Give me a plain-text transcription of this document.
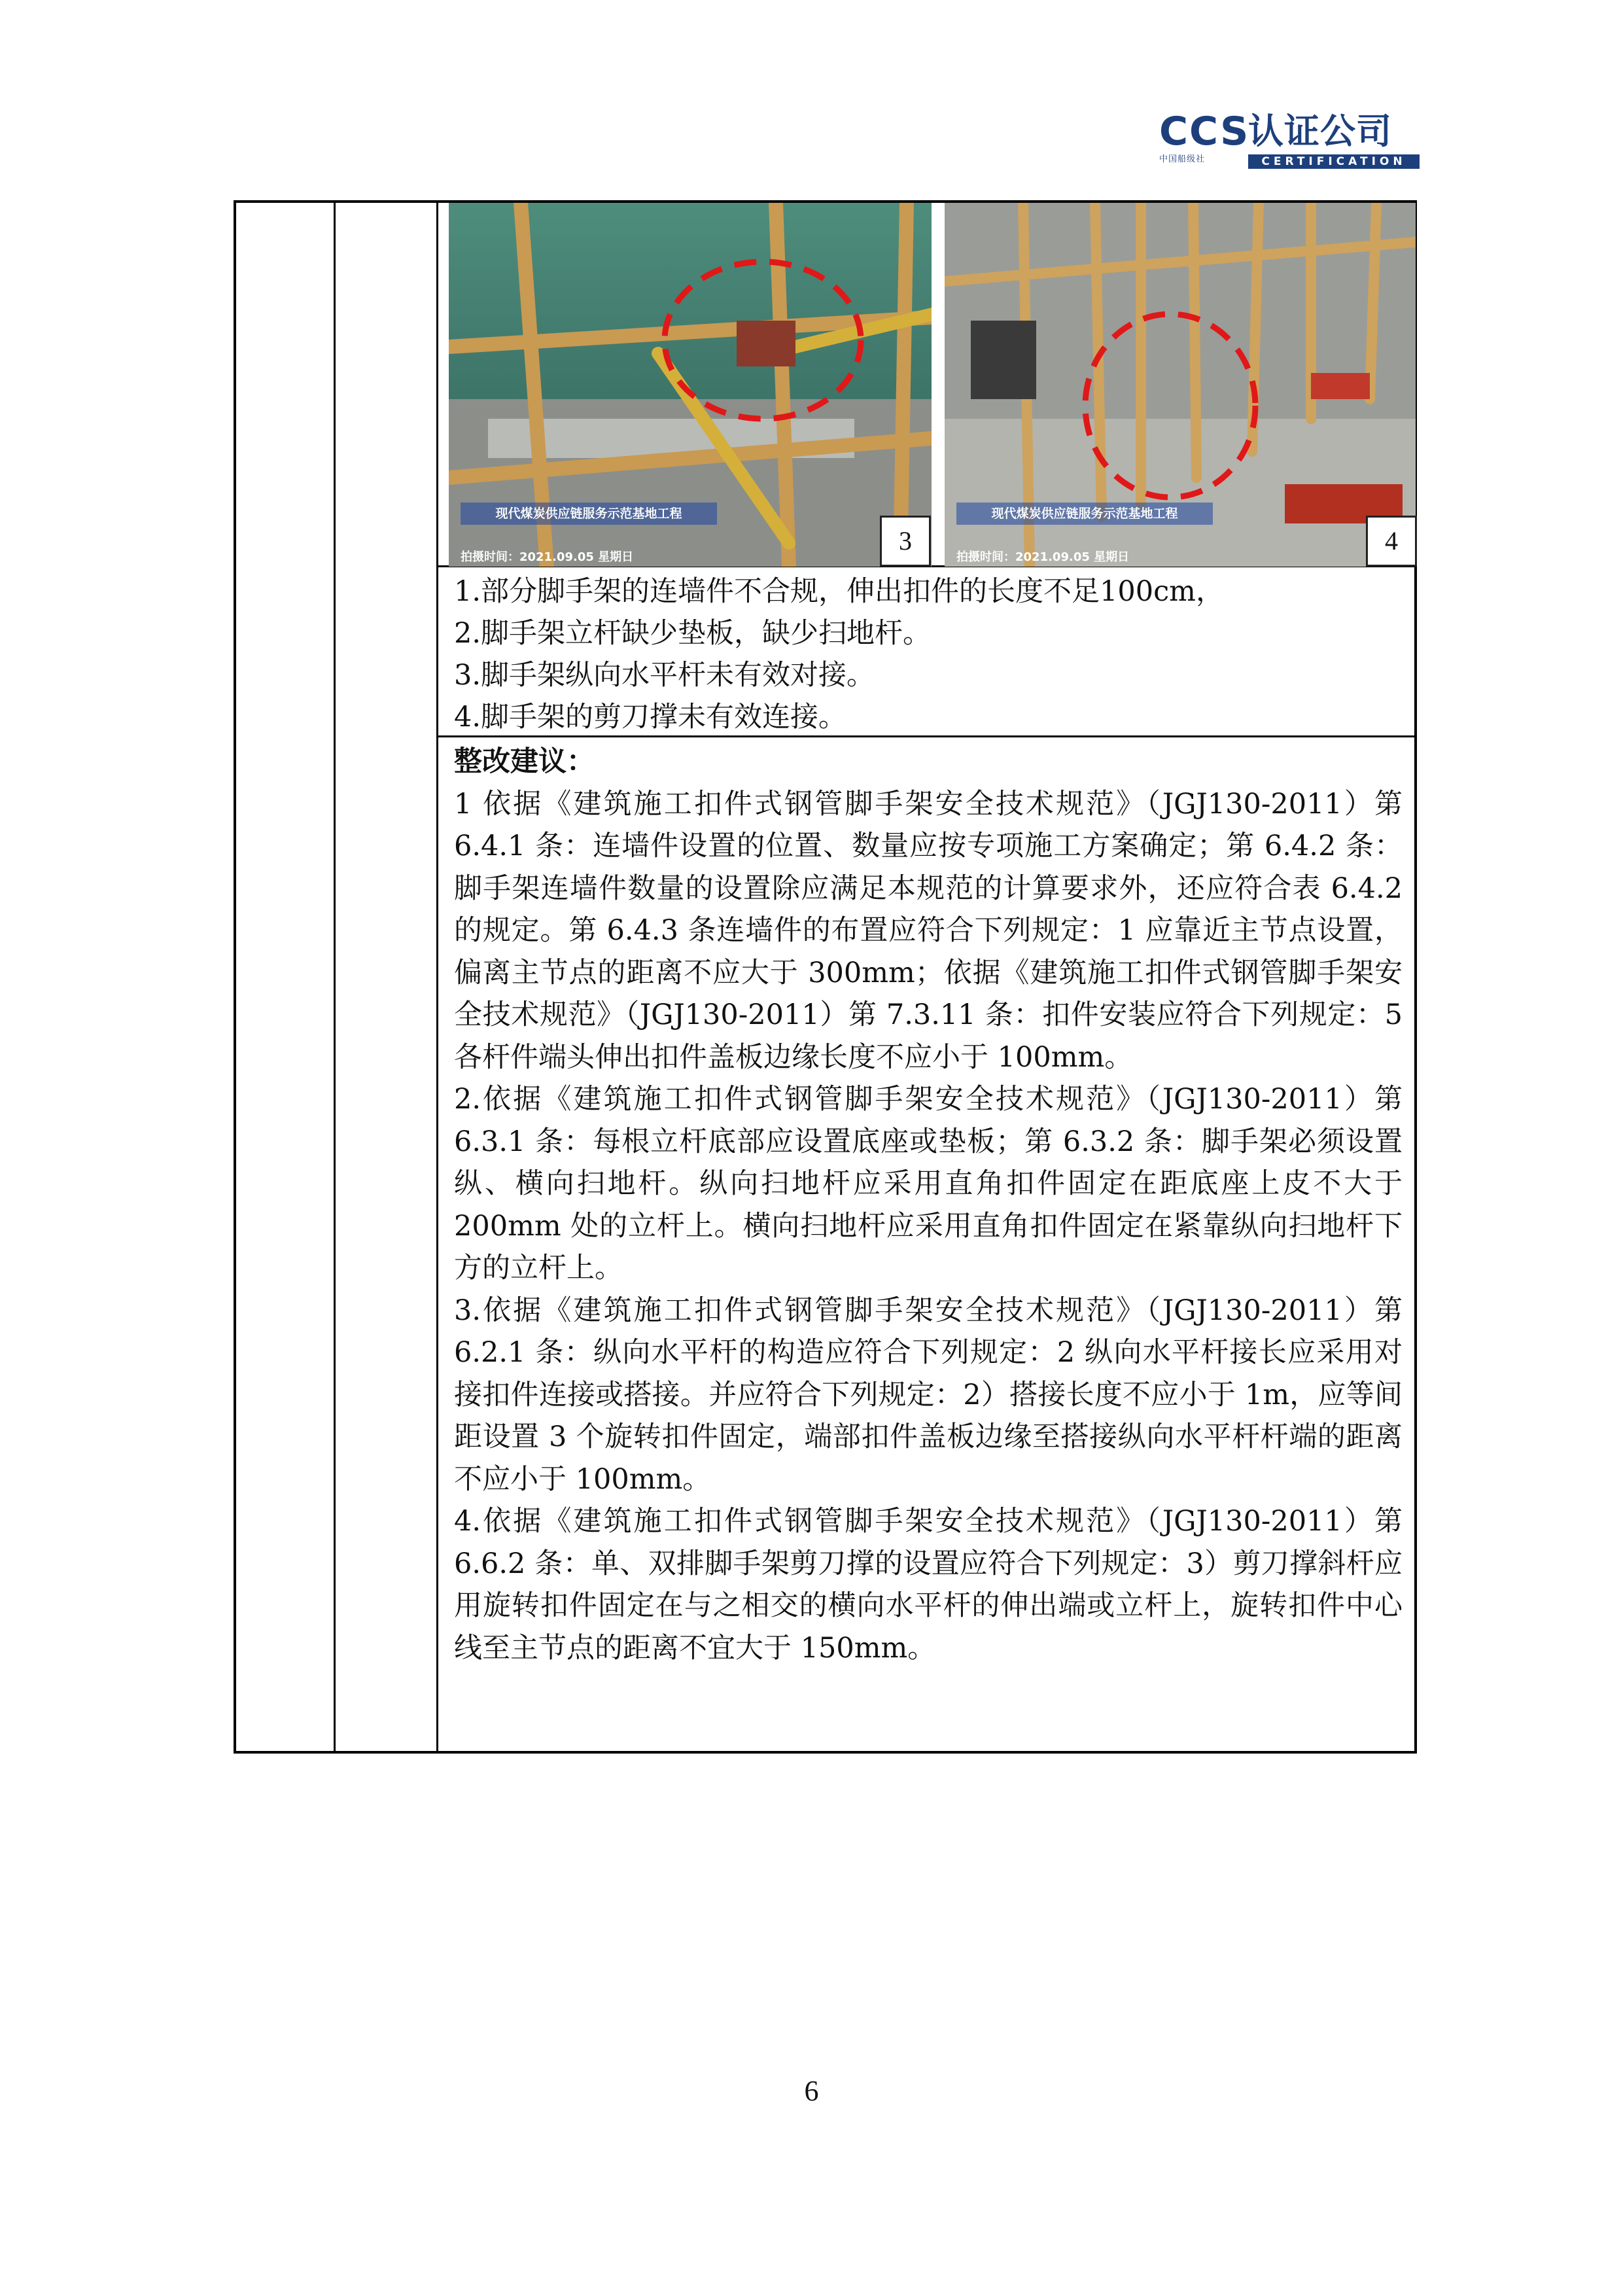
CCS
认证公司
中国船级社	CERTIFICATION
现代煤炭供应链服务示范基地工程
拍摄时间：2021.09.05 星期日
3
现代煤炭供应链服务示范基地工程
拍摄时间：2021.09.05 星期日
4
1.部分脚手架的连墙件不合规，伸出扣件的长度不足100cm，
2.脚手架立杆缺少垫板，缺少扫地杆。
3.脚手架纵向水平杆未有效对接。
4.脚手架的剪刀撑未有效连接。
整改建议：

1 依据《建筑施工扣件式钢管脚手架安全技术规范》（JGJ130-2011）第 6.4.1 条：连墙件设置的位置、数量应按专项施工方案确定；第 6.4.2 条：脚手架连墙件数量的设置除应满足本规范的计算要求外，还应符合表 6.4.2 的规定。第 6.4.3 条连墙件的布置应符合下列规定：1 应靠近主节点设置，偏离主节点的距离不应大于 300mm；依据《建筑施工扣件式钢管脚手架安全技术规范》（JGJ130-2011）第 7.3.11 条：扣件安装应符合下列规定：5 各杆件端头伸出扣件盖板边缘长度不应小于 100mm。

2.依据《建筑施工扣件式钢管脚手架安全技术规范》（JGJ130-2011）第 6.3.1 条：每根立杆底部应设置底座或垫板；第 6.3.2 条：脚手架必须设置纵、横向扫地杆。纵向扫地杆应采用直角扣件固定在距底座上皮不大于 200mm 处的立杆上。横向扫地杆应采用直角扣件固定在紧靠纵向扫地杆下方的立杆上。

3.依据《建筑施工扣件式钢管脚手架安全技术规范》（JGJ130-2011）第 6.2.1 条：纵向水平杆的构造应符合下列规定：2 纵向水平杆接长应采用对接扣件连接或搭接。并应符合下列规定：2）搭接长度不应小于 1m，应等间距设置 3 个旋转扣件固定，端部扣件盖板边缘至搭接纵向水平杆杆端的距离不应小于 100mm。

4.依据《建筑施工扣件式钢管脚手架安全技术规范》（JGJ130-2011）第 6.6.2 条：单、双排脚手架剪刀撑的设置应符合下列规定：3）剪刀撑斜杆应用旋转扣件固定在与之相交的横向水平杆的伸出端或立杆上，旋转扣件中心线至主节点的距离不宜大于 150mm。

6
